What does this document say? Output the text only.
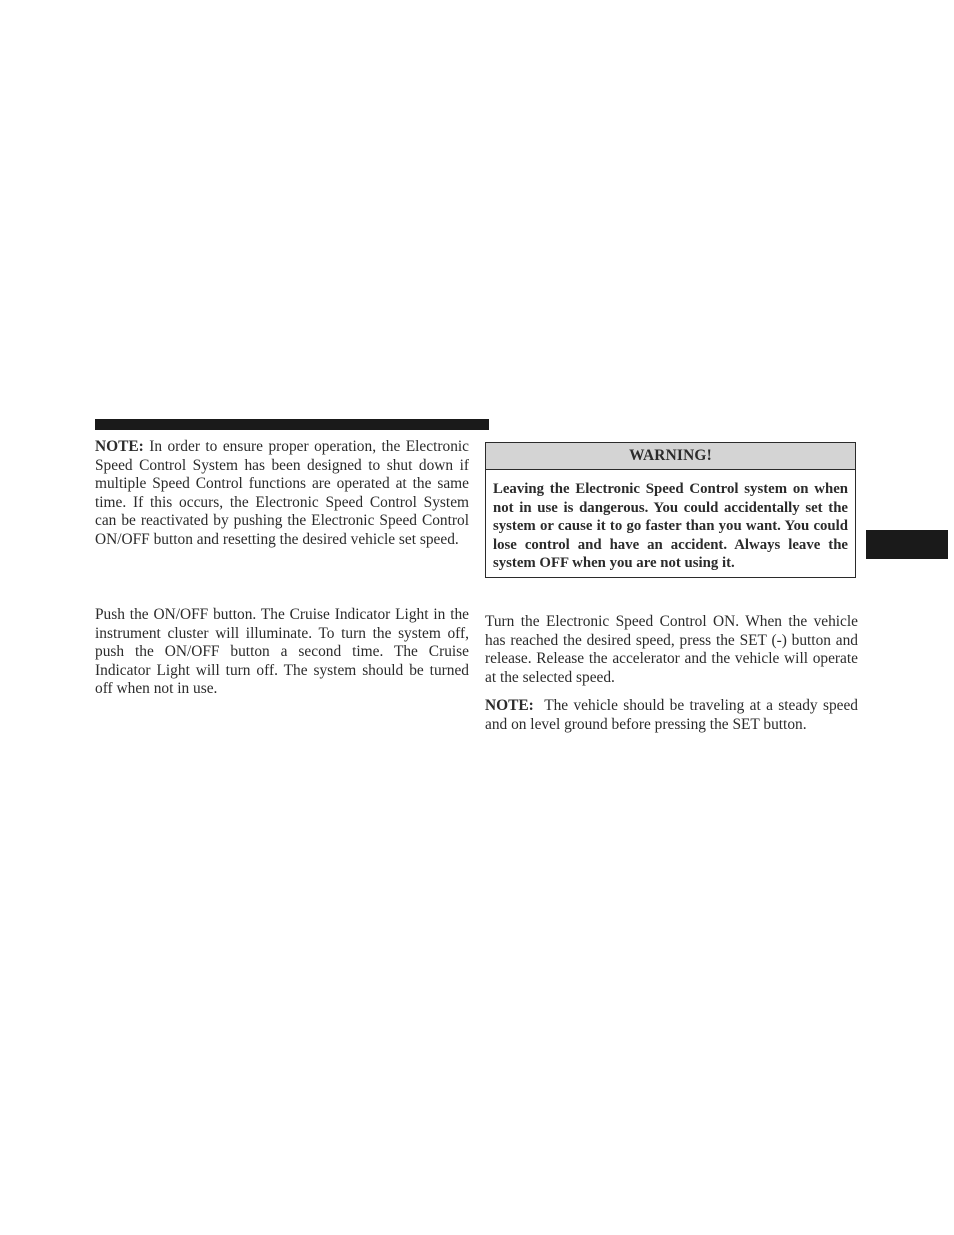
NOTE: In order to ensure proper operation, the Electronic Speed Control System has been designed to shut down if multiple Speed Control functions are operated at the same time. If this occurs, the Electronic Speed Control System can be reactivated by pushing the Electronic Speed Control ON/OFF button and resetting the desired vehicle set speed.

Push the ON/OFF button. The Cruise Indicator Light in the instrument cluster will illuminate. To turn the system off, push the ON/OFF button a second time. The Cruise Indicator Light will turn off. The system should be turned off when not in use.

WARNING!
Leaving the Electronic Speed Control system on when not in use is dangerous. You could accidentally set the system or cause it to go faster than you want. You could lose control and have an accident. Always leave the system OFF when you are not using it.

Turn the Electronic Speed Control ON. When the vehicle has reached the desired speed, press the SET (-) button and release. Release the accelerator and the vehicle will operate at the selected speed.

NOTE:  The vehicle should be traveling at a steady speed and on level ground before pressing the SET button.
